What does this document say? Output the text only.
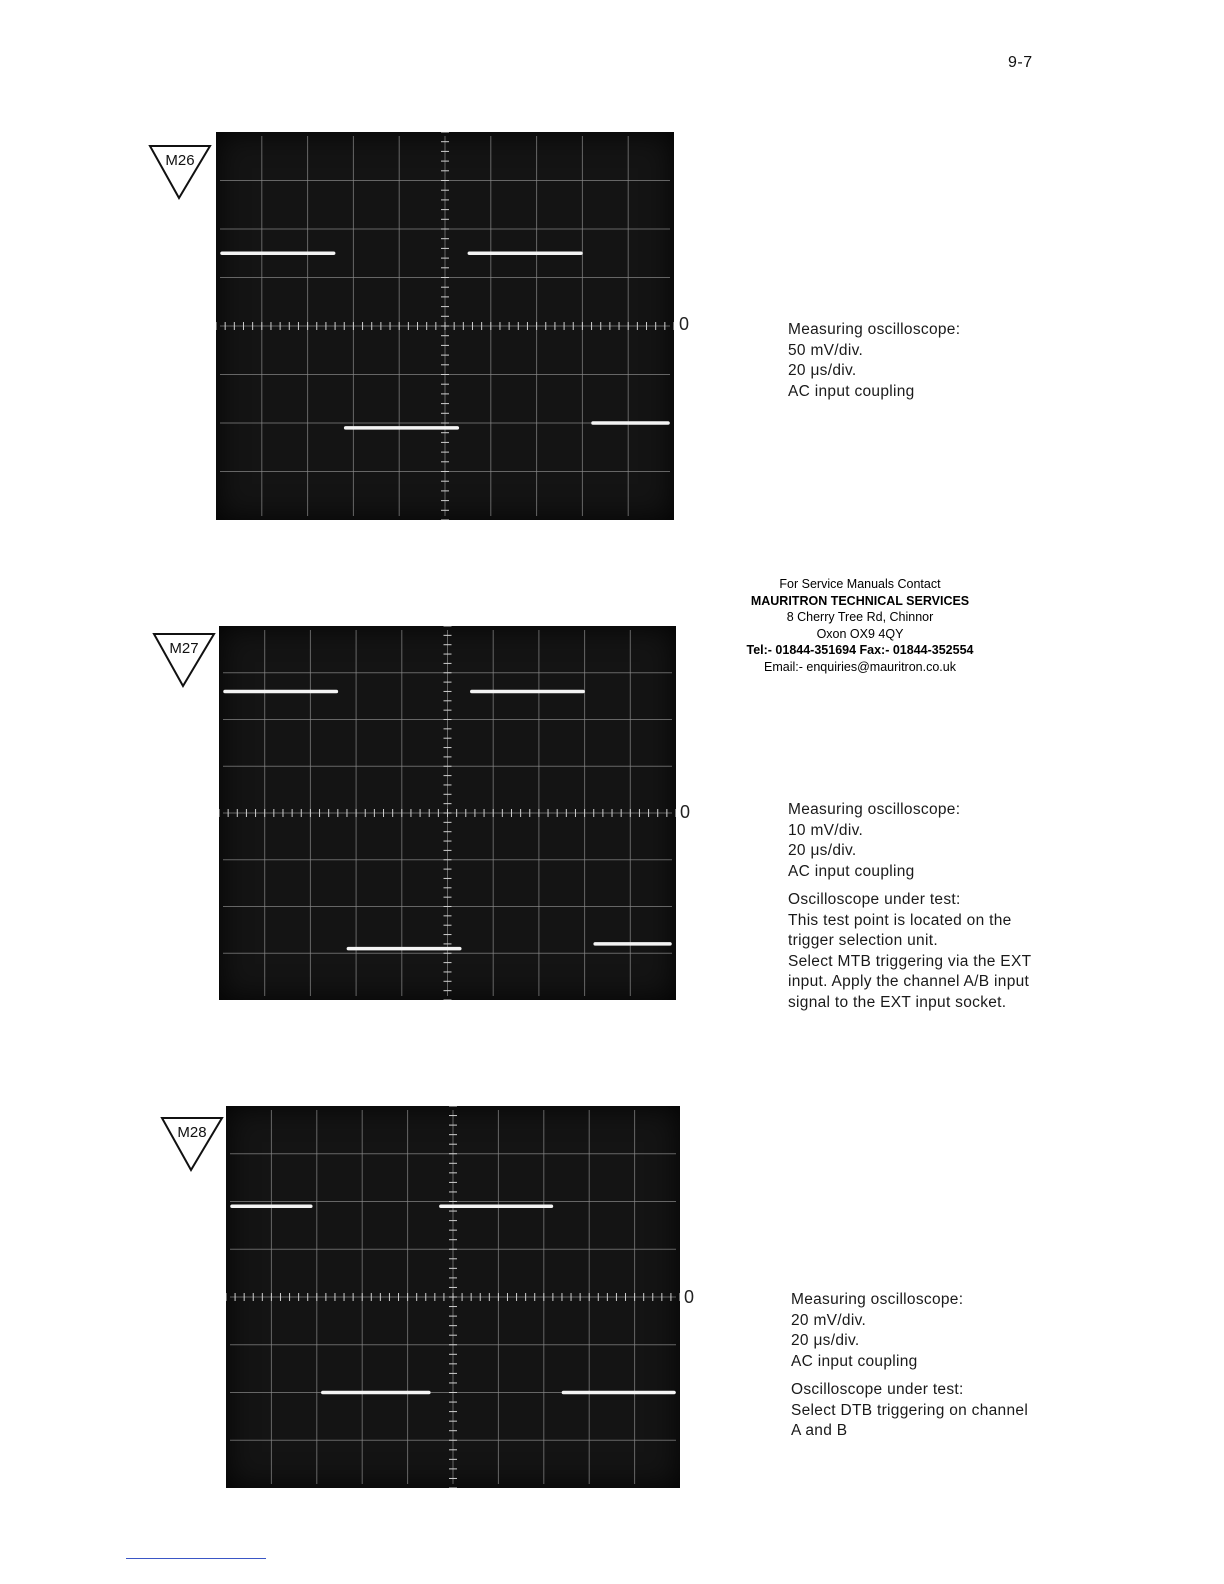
9-7
M26
0	Measuring oscilloscope:
50 mV/div.
20 μs/div.
AC input coupling
For Service Manuals Contact
MAURITRON TECHNICAL SERVICES
8 Cherry Tree Rd, Chinnor
Oxon OX9 4QY
Tel:- 01844-351694 Fax:- 01844-352554
Email:- enquiries@mauritron.co.uk
M27
0	Measuring oscilloscope:
10 mV/div.
20 μs/div.
AC input coupling
Oscilloscope under test:
This test point is located on the
trigger selection unit.
Select MTB triggering via the EXT
input. Apply the channel A/B input
signal to the EXT input socket.
M28
0	Measuring oscilloscope:
20 mV/div.
20 μs/div.
AC input coupling
Oscilloscope under test:
Select DTB triggering on channel
A and B
